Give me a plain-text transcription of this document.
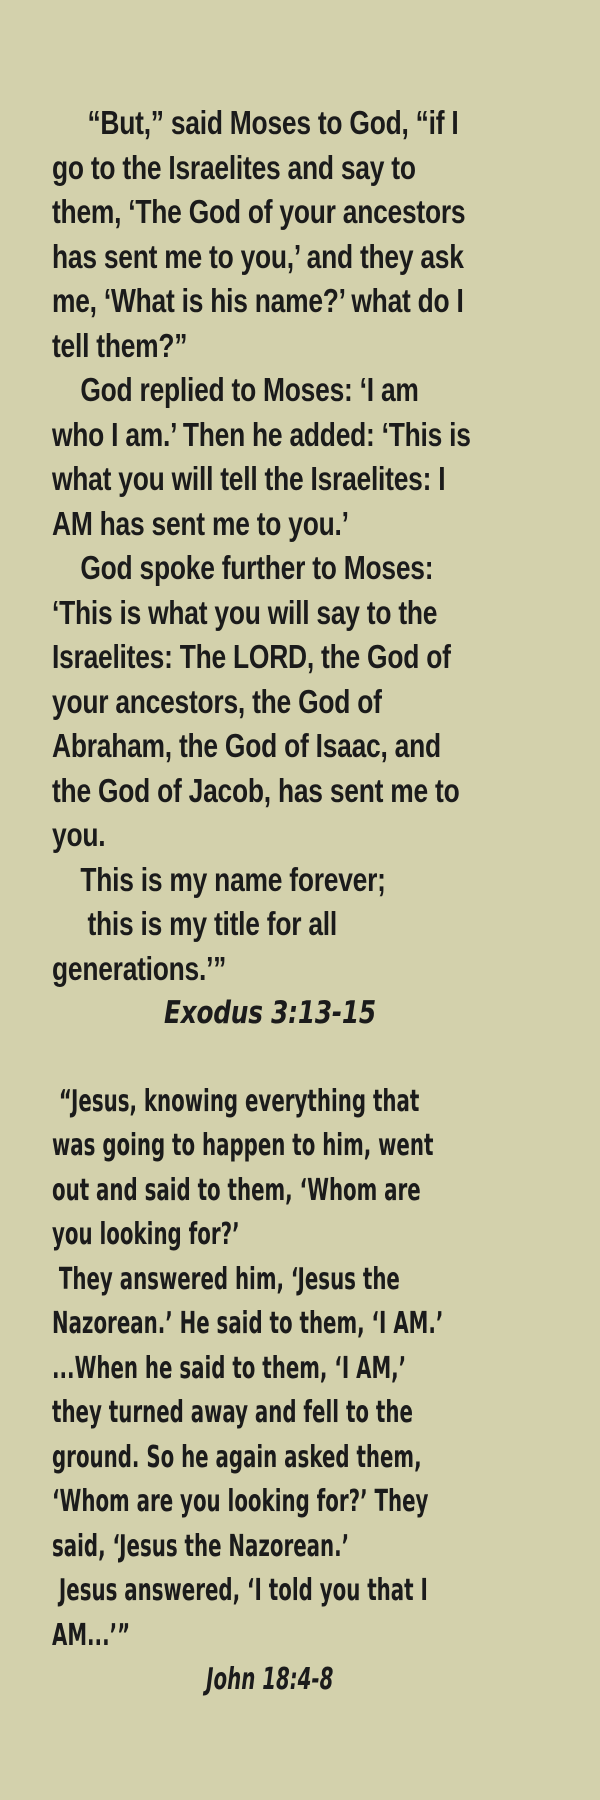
“But,” said Moses to God, “if I
go to the Israelites and say to
them, ‘The God of your ancestors
has sent me to you,’ and they ask
me, ‘What is his name?’ what do I
tell them?”
God replied to Moses: ‘I am
who I am.’ Then he added: ‘This is
what you will tell the Israelites: I
AM has sent me to you.’
God spoke further to Moses:
‘This is what you will say to the
Israelites: The LORD, the God of
your ancestors, the God of
Abraham, the God of Isaac, and
the God of Jacob, has sent me to
you.
This is my name forever;
this is my title for all
generations.’”
Exodus 3:13-15
“Jesus, knowing everything that
was going to happen to him, went
out and said to them, ‘Whom are
you looking for?’
They answered him, ‘Jesus the
Nazorean.’ He said to them, ‘I AM.’
...When he said to them, ‘I AM,’
they turned away and fell to the
ground. So he again asked them,
‘Whom are you looking for?’ They
said, ‘Jesus the Nazorean.’
Jesus answered, ‘I told you that I
AM...’”
John 18:4-8
